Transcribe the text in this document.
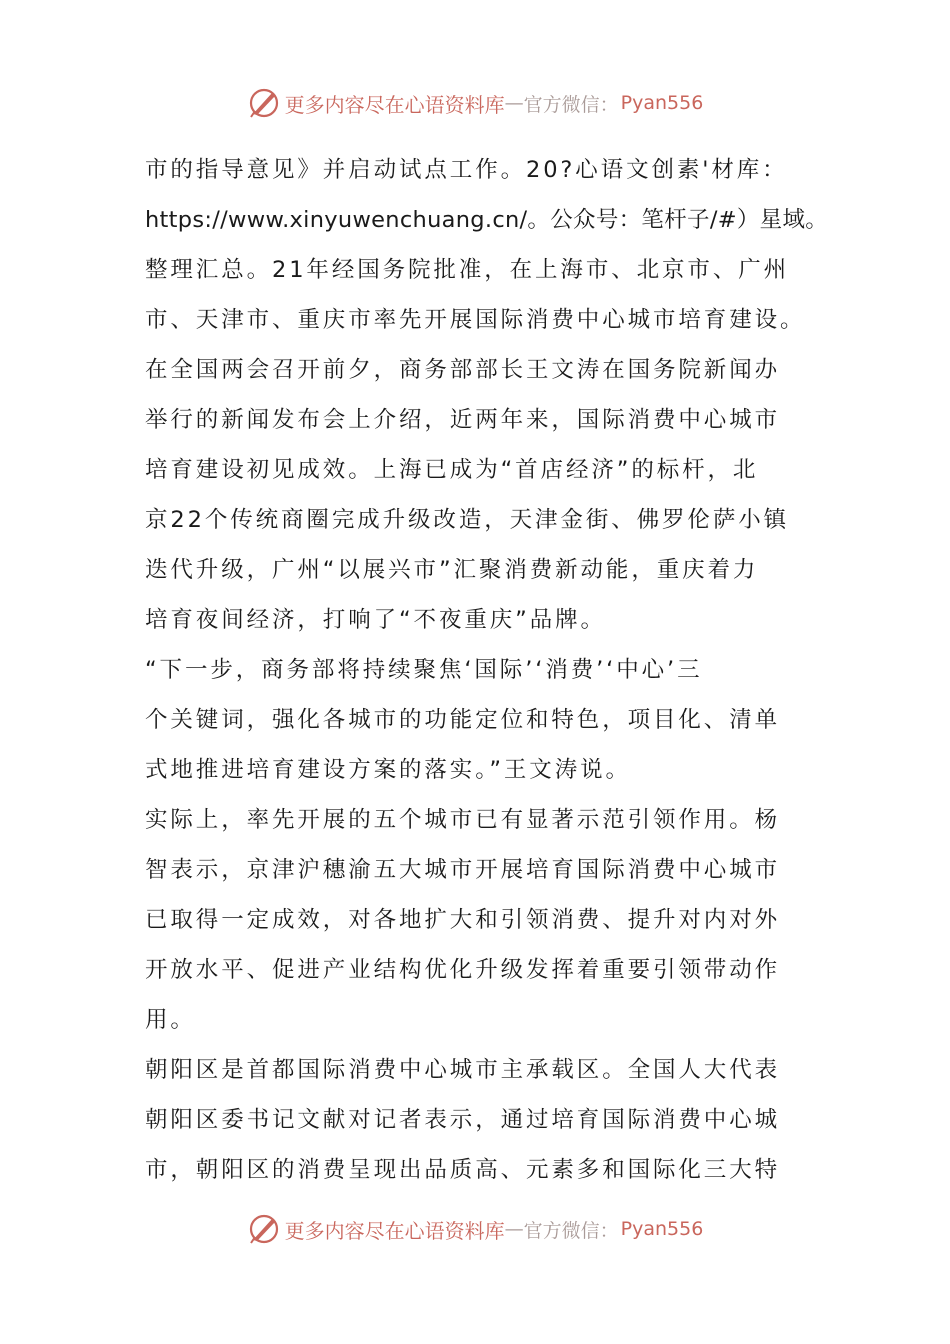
更多内容尽在心语资料库 — 官方微信： Pyan556
市的指导意见》并启动试点工作。20?心语文创素'材库：
https://www.xinyuwenchuang.cn/。公众号：笔杆子/#）星域。
整理汇总。21年经国务院批准，在上海市、北京市、广州
市、天津市、重庆市率先开展国际消费中心城市培育建设。
在全国两会召开前夕，商务部部长王文涛在国务院新闻办
举行的新闻发布会上介绍，近两年来，国际消费中心城市
培育建设初见成效。上海已成为“首店经济”的标杆，北
京22个传统商圈完成升级改造，天津金街、佛罗伦萨小镇
迭代升级，广州“以展兴市”汇聚消费新动能，重庆着力
培育夜间经济，打响了“不夜重庆”品牌。
“下一步，商务部将持续聚焦‘国际’‘消费’‘中心’三
个关键词，强化各城市的功能定位和特色，项目化、清单
式地推进培育建设方案的落实。”王文涛说。
实际上，率先开展的五个城市已有显著示范引领作用。杨
智表示，京津沪穗渝五大城市开展培育国际消费中心城市
已取得一定成效，对各地扩大和引领消费、提升对内对外
开放水平、促进产业结构优化升级发挥着重要引领带动作
用。
朝阳区是首都国际消费中心城市主承载区。全国人大代表
朝阳区委书记文献对记者表示，通过培育国际消费中心城
市，朝阳区的消费呈现出品质高、元素多和国际化三大特
更多内容尽在心语资料库 — 官方微信： Pyan556
